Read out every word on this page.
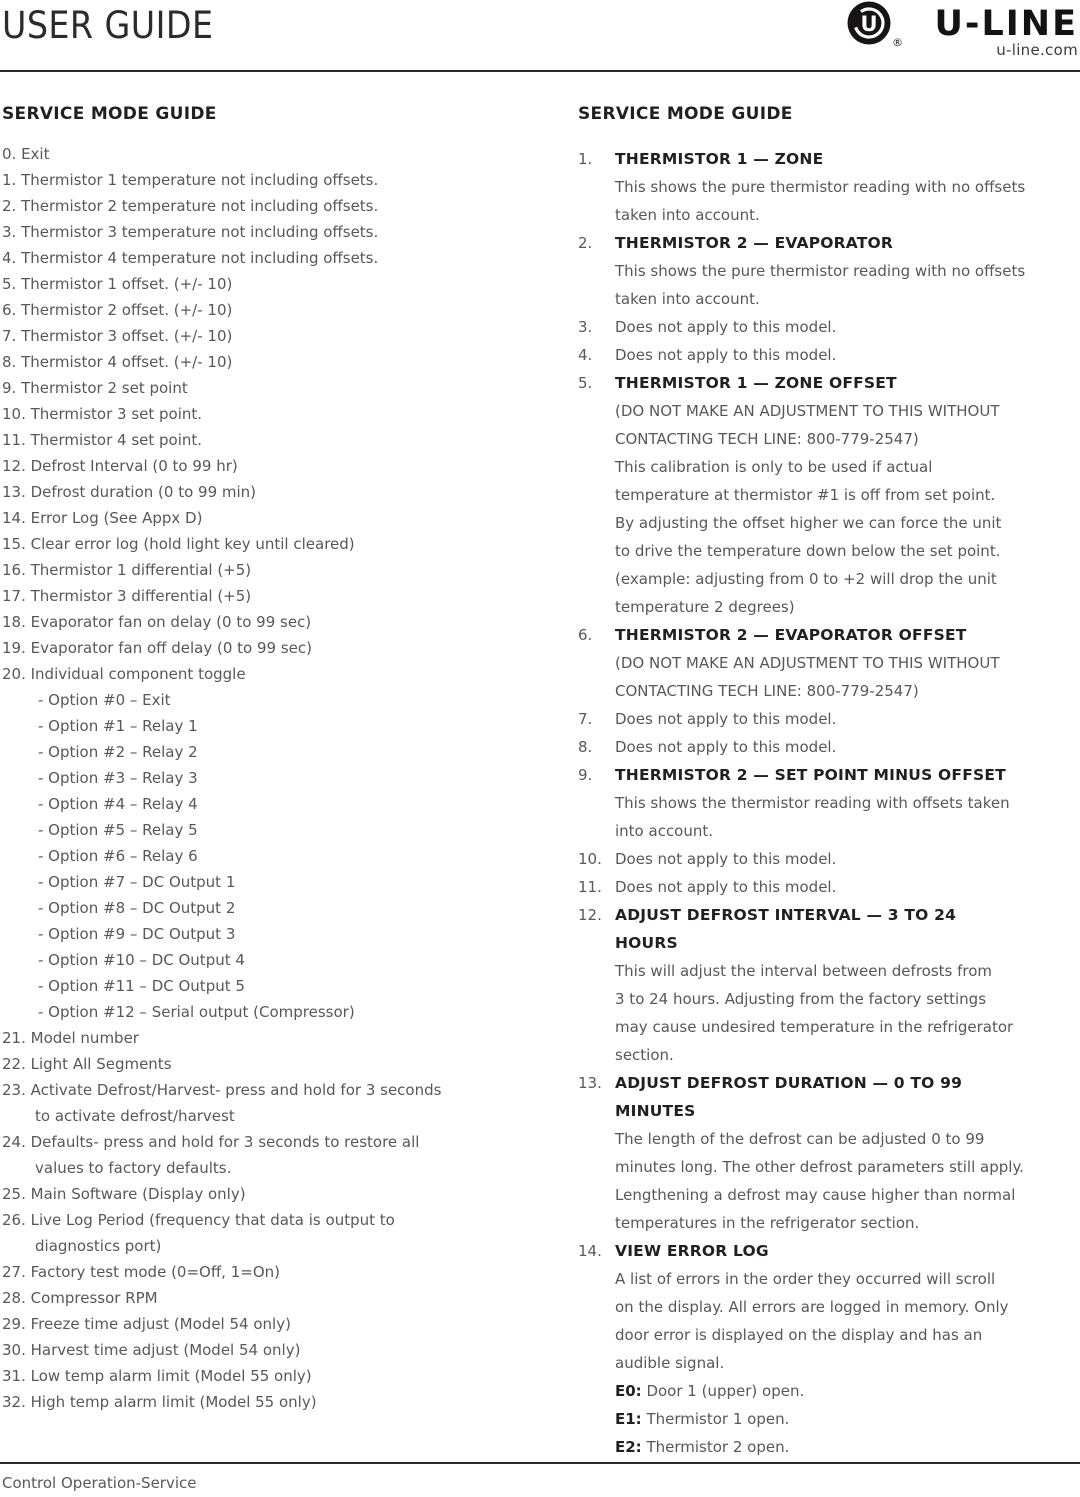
USER GUIDE	U
® U-LINE
u-line.com
SERVICE MODE GUIDE
0. Exit
1. Thermistor 1 temperature not including offsets.
2. Thermistor 2 temperature not including offsets.
3. Thermistor 3 temperature not including offsets.
4. Thermistor 4 temperature not including offsets.
5. Thermistor 1 offset. (+/- 10)
6. Thermistor 2 offset. (+/- 10)
7. Thermistor 3 offset. (+/- 10)
8. Thermistor 4 offset. (+/- 10)
9. Thermistor 2 set point
10. Thermistor 3 set point.
11. Thermistor 4 set point.
12. Defrost Interval (0 to 99 hr)
13. Defrost duration (0 to 99 min)
14. Error Log (See Appx D)
15. Clear error log (hold light key until cleared)
16. Thermistor 1 differential (+5)
17. Thermistor 3 differential (+5)
18. Evaporator fan on delay (0 to 99 sec)
19. Evaporator fan off delay (0 to 99 sec)
20. Individual component toggle
- Option #0 – Exit
- Option #1 – Relay 1
- Option #2 – Relay 2
- Option #3 – Relay 3
- Option #4 – Relay 4
- Option #5 – Relay 5
- Option #6 – Relay 6
- Option #7 – DC Output 1
- Option #8 – DC Output 2
- Option #9 – DC Output 3
- Option #10 – DC Output 4
- Option #11 – DC Output 5
- Option #12 – Serial output (Compressor)
21. Model number
22. Light All Segments
23. Activate Defrost/Harvest- press and hold for 3 seconds
to activate defrost/harvest
24. Defaults- press and hold for 3 seconds to restore all
values to factory defaults.
25. Main Software (Display only)
26. Live Log Period (frequency that data is output to
diagnostics port)
27. Factory test mode (0=Off, 1=On)
28. Compressor RPM
29. Freeze time adjust (Model 54 only)
30. Harvest time adjust (Model 54 only)
31. Low temp alarm limit (Model 55 only)
32. High temp alarm limit (Model 55 only)
SERVICE MODE GUIDE
1. THERMISTOR 1 — ZONE
This shows the pure thermistor reading with no offsets
taken into account.
2. THERMISTOR 2 — EVAPORATOR
This shows the pure thermistor reading with no offsets
taken into account.
3. Does not apply to this model.
4. Does not apply to this model.
5. THERMISTOR 1 — ZONE OFFSET
(DO NOT MAKE AN ADJUSTMENT TO THIS WITHOUT
CONTACTING TECH LINE: 800-779-2547)
This calibration is only to be used if actual
temperature at thermistor #1 is off from set point.
By adjusting the offset higher we can force the unit
to drive the temperature down below the set point.
(example: adjusting from 0 to +2 will drop the unit
temperature 2 degrees)
6. THERMISTOR 2 — EVAPORATOR OFFSET
(DO NOT MAKE AN ADJUSTMENT TO THIS WITHOUT
CONTACTING TECH LINE: 800-779-2547)
7. Does not apply to this model.
8. Does not apply to this model.
9. THERMISTOR 2 — SET POINT MINUS OFFSET
This shows the thermistor reading with offsets taken
into account.
10. Does not apply to this model.
11. Does not apply to this model.
12. ADJUST DEFROST INTERVAL — 3 TO 24
HOURS
This will adjust the interval between defrosts from
3 to 24 hours. Adjusting from the factory settings
may cause undesired temperature in the refrigerator
section.
13. ADJUST DEFROST DURATION — 0 TO 99
MINUTES
The length of the defrost can be adjusted 0 to 99
minutes long. The other defrost parameters still apply.
Lengthening a defrost may cause higher than normal
temperatures in the refrigerator section.
14. VIEW ERROR LOG
A list of errors in the order they occurred will scroll
on the display. All errors are logged in memory. Only
door error is displayed on the display and has an
audible signal.
E0: Door 1 (upper) open.
E1: Thermistor 1 open.
E2: Thermistor 2 open.
Control Operation-Service
